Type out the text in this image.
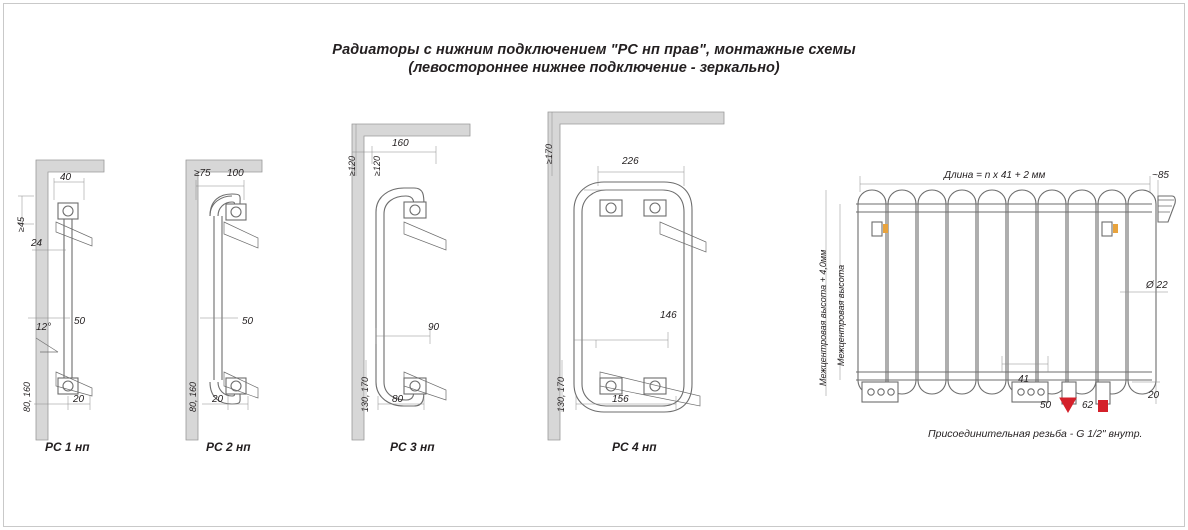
Радиаторы с нижним подключением "РС нп прав", монтажные схемы
(левостороннее нижнее подключение - зеркально)
РС 1 нп	РС 2 нп	РС 3 нп	РС 4 нп
40
≥45
24
12°
50
20
80, 160
≥75 100
50
20
80, 160
≥120 ≥120
160
90
80
130, 170
≥170	226
146
156
130, 170
Длина = n x 41 + 2 мм	~85
Ø 22
Межцентровая высота + 4,0мм Межцентровая высота
41
50	62
20
Присоединительная резьба - G 1/2" внутр.
